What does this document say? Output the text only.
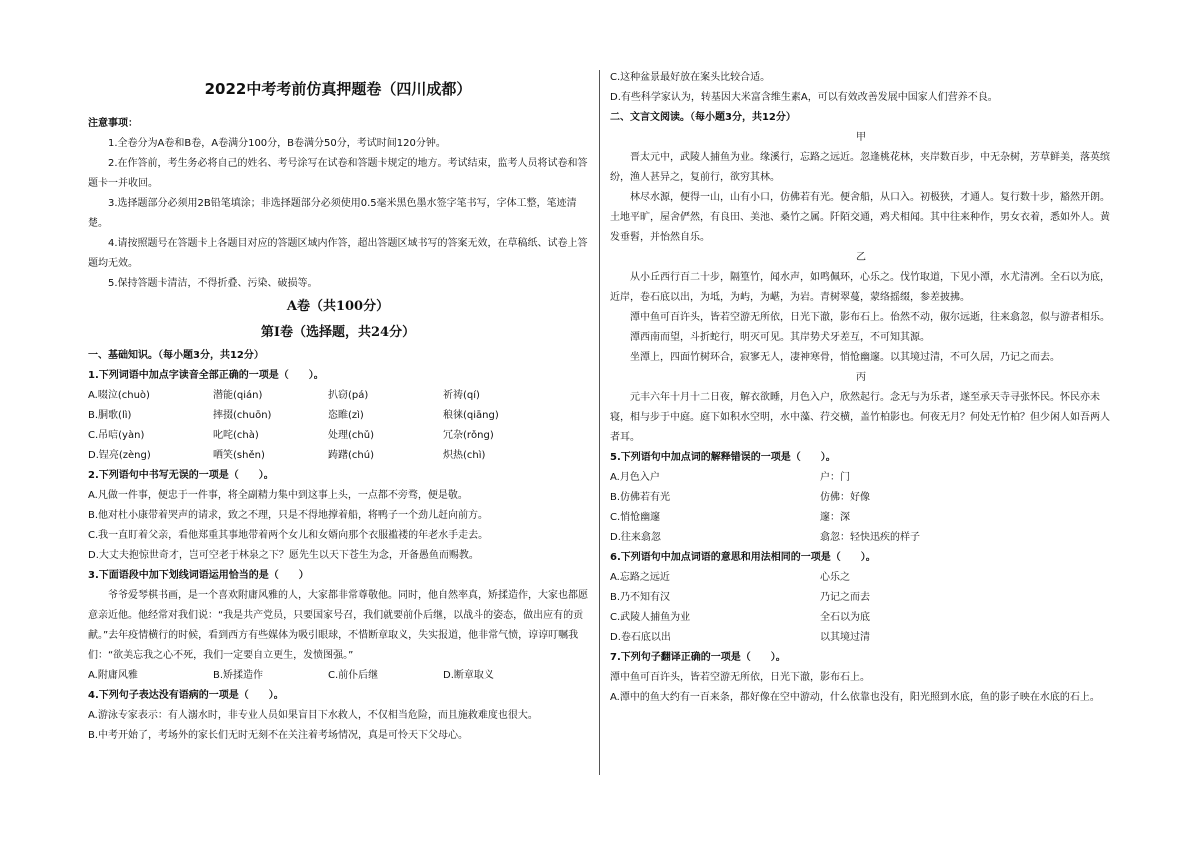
2022中考考前仿真押题卷（四川成都）

注意事项：

1.全卷分为A卷和B卷，A卷满分100分，B卷满分50分，考试时间120分钟。

2.在作答前，考生务必将自己的姓名、考号涂写在试卷和答题卡规定的地方。考试结束，监考人员将试卷和答题卡一并收回。

3.选择题部分必须用2B铅笔填涂；非选择题部分必须使用0.5毫米黑色墨水签字笔书写，字体工整，笔迹清楚。

4.请按照题号在答题卡上各题目对应的答题区域内作答，超出答题区域书写的答案无效，在草稿纸、试卷上答题均无效。

5.保持答题卡清洁，不得折叠、污染、破损等。

A卷（共100分）
第Ⅰ卷（选择题，共24分）

一、基础知识。（每小题3分，共12分）

1.下列词语中加点字读音全部正确的一项是（　　）。

A.啜泣(chuò)	潜能(qián)	扒窃(pá)	祈祷(qí)
B.胴歌(lì)	摔掇(chuōn)	恣睢(zì)	稂徕(qiāng)
C.吊唁(yàn)	叱咤(chà)	处理(chǔ)	冗杂(rǒng)
D.锃亮(zèng)	哂笑(shěn)	踌躇(chú)	炽热(chì)

2.下列语句中书写无误的一项是（　　）。

A.凡做一件事，便忠于一件事，将全副精力集中到这事上头，一点都不旁骛，便是敬。

B.他对杜小康带着哭声的请求，致之不理，只是不得地撑着船，将鸭子一个劲儿赶向前方。

C.我一直盯着父亲，看他郑重其事地带着两个女儿和女婿向那个衣服褴褛的年老水手走去。

D.大丈夫抱惊世奇才，岂可空老于林泉之下？愿先生以天下苍生为念，开备愚鱼而赐教。

3.下面语段中加下划线词语运用恰当的是（　　）

爷爷爱琴棋书画，是一个喜欢附庸风雅的人，大家都非常尊敬他。同时，他自然率真，矫揉造作，大家也都愿意亲近他。他经常对我们说：“我是共产党员，只要国家号召，我们就要前仆后继，以战斗的姿态，做出应有的贡献。”去年疫情横行的时候，看到西方有些媒体为吸引眼球，不惜断章取义，失实报道，他非常气愤，谆谆叮嘱我们：“欲美忘我之心不死，我们一定要自立更生，发愤图强。”

A.附庸风雅	B.矫揉造作	C.前仆后继	D.断章取义

4.下列句子表达没有语病的一项是（　　）。

A.游泳专家表示：有人溺水时，非专业人员如果盲目下水救人，不仅相当危险，而且施救难度也很大。

B.中考开始了，考场外的家长们无时无刻不在关注着考场情况，真是可怜天下父母心。

C.这种盆景最好放在案头比较合适。

D.有些科学家认为，转基因大米富含维生素A，可以有效改善发展中国家人们营养不良。

二、文言文阅读。（每小题3分，共12分）

甲

晋太元中，武陵人捕鱼为业。缘溪行，忘路之远近。忽逢桃花林，夹岸数百步，中无杂树，芳草鲜美，落英缤纷，渔人甚异之，复前行，欲穷其林。

林尽水源，便得一山，山有小口，仿佛若有光。便舍船，从口入。初极狭，才通人。复行数十步，豁然开朗。土地平旷，屋舍俨然，有良田、美池、桑竹之属。阡陌交通，鸡犬相闻。其中往来种作，男女衣着，悉如外人。黄发垂髫，并怡然自乐。

乙

从小丘西行百二十步，隔篁竹，闻水声，如鸣佩环，心乐之。伐竹取道，下见小潭，水尤清冽。全石以为底，近岸，卷石底以出，为坻，为屿，为嵁，为岩。青树翠蔓，蒙络摇缀，参差披拂。

潭中鱼可百许头，皆若空游无所依，日光下澈，影布石上。佁然不动，俶尔远逝，往来翕忽，似与游者相乐。

潭西南而望，斗折蛇行，明灭可见。其岸势犬牙差互，不可知其源。

坐潭上，四面竹树环合，寂寥无人，凄神寒骨，悄怆幽邃。以其境过清，不可久居，乃记之而去。

丙

元丰六年十月十二日夜，解衣欲睡，月色入户，欣然起行。念无与为乐者，遂至承天寺寻张怀民。怀民亦未寝，相与步于中庭。庭下如积水空明，水中藻、荇交横，盖竹柏影也。何夜无月？何处无竹柏？但少闲人如吾两人者耳。

5.下列语句中加点词的解释错误的一项是（　　）。

A.月色入户	户：门
B.仿佛若有光	仿佛：好像
C.悄怆幽邃	邃：深
D.往来翕忽	翕忽：轻快迅疾的样子

6.下列语句中加点词语的意思和用法相同的一项是（　　）。

A.忘路之远近	心乐之
B.乃不知有汉	乃记之而去
C.武陵人捕鱼为业	全石以为底
D.卷石底以出	以其境过清

7.下列句子翻译正确的一项是（　　）。

潭中鱼可百许头，皆若空游无所依，日光下澈，影布石上。

A.潭中的鱼大约有一百来条，都好像在空中游动，什么依靠也没有，阳光照到水底，鱼的影子映在水底的石上。
